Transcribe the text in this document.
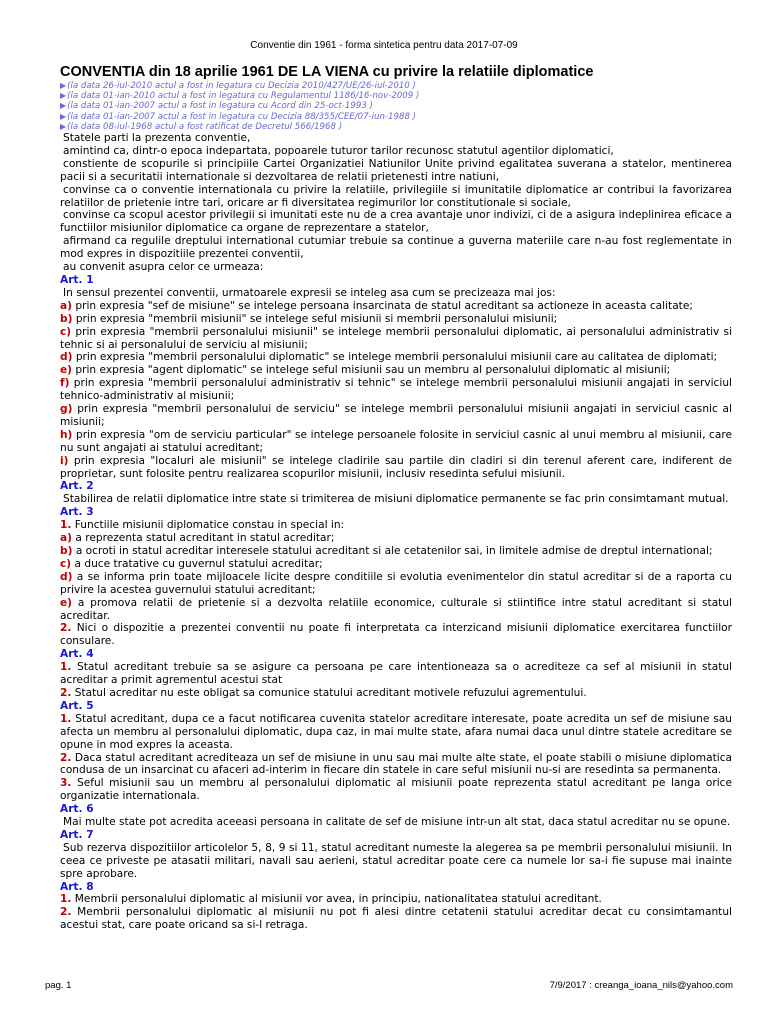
Conventie din 1961 - forma sintetica pentru data 2017-07-09
CONVENTIA din 18 aprilie 1961 DE LA VIENA cu privire la relatiile diplomatice
▶(la data 26-iul-2010 actul a fost in legatura cu Decizia 2010/427/UE/26-iul-2010 )
▶(la data 01-ian-2010 actul a fost in legatura cu Regulamentul 1186/16-nov-2009 )
▶(la data 01-ian-2007 actul a fost in legatura cu Acord din 25-oct-1993 )
▶(la data 01-ian-2007 actul a fost in legatura cu Decizia 88/355/CEE/07-iun-1988 )
▶(la data 08-iul-1968 actul a fost ratificat de Decretul 566/1968 )
Statele parti la prezenta conventie,
amintind ca, dintr-o epoca indepartata, popoarele tuturor tarilor recunosc statutul agentilor diplomatici,
constiente de scopurile si principiile Cartei Organizatiei Natiunilor Unite privind egalitatea suverana a statelor, mentinerea pacii si a securitatii internationale si dezvoltarea de relatii prietenesti intre natiuni,
convinse ca o conventie internationala cu privire la relatiile, privilegiile si imunitatile diplomatice ar contribui la favorizarea relatiilor de prietenie intre tari, oricare ar fi diversitatea regimurilor lor constitutionale si sociale,
convinse ca scopul acestor privilegii si imunitati este nu de a crea avantaje unor indivizi, ci de a asigura indeplinirea eficace a functiilor misiunilor diplomatice ca organe de reprezentare a statelor,
afirmand ca regulile dreptului international cutumiar trebuie sa continue a guverna materiile care n-au fost reglementate in mod expres in dispozitiile prezentei conventii,
au convenit asupra celor ce urmeaza:
Art. 1
In sensul prezentei conventii, urmatoarele expresii se inteleg asa cum se precizeaza mai jos:
a) prin expresia "sef de misiune" se intelege persoana insarcinata de statul acreditant sa actioneze in aceasta calitate;
b) prin expresia "membrii misiunii" se intelege seful misiunii si membrii personalului misiunii;
c) prin expresia "membrii personalului misiunii" se intelege membrii personalului diplomatic, ai personalului administrativ si tehnic si ai personalului de serviciu al misiunii;
d) prin expresia "membrii personalului diplomatic" se intelege membrii personalului misiunii care au calitatea de diplomati;
e) prin expresia "agent diplomatic" se intelege seful misiunii sau un membru al personalului diplomatic al misiunii;
f) prin expresia "membrii personalului administrativ si tehnic" se intelege membrii personalului misiunii angajati in serviciul tehnico-administrativ al misiunii;
g) prin expresia "membrii personalului de serviciu" se intelege membrii personalului misiunii angajati in serviciul casnic al misiunii;
h) prin expresia "om de serviciu particular" se intelege persoanele folosite in serviciul casnic al unui membru al misiunii, care nu sunt angajati ai statului acreditant;
i) prin expresia "localuri ale misiunii" se intelege cladirile sau partile din cladiri si din terenul aferent care, indiferent de proprietar, sunt folosite pentru realizarea scopurilor misiunii, inclusiv resedinta sefului misiunii.
Art. 2
Stabilirea de relatii diplomatice intre state si trimiterea de misiuni diplomatice permanente se fac prin consimtamant mutual.
Art. 3
1. Functiile misiunii diplomatice constau in special in:
a) a reprezenta statul acreditant in statul acreditar;
b) a ocroti in statul acreditar interesele statului acreditant si ale cetatenilor sai, in limitele admise de dreptul international;
c) a duce tratative cu guvernul statului acreditar;
d) a se informa prin toate mijloacele licite despre conditiile si evolutia evenimentelor din statul acreditar si de a raporta cu privire la acestea guvernului statului acreditant;
e) a promova relatii de prietenie si a dezvolta relatiile economice, culturale si stiintifice intre statul acreditant si statul acreditar.
2. Nici o dispozitie a prezentei conventii nu poate fi interpretata ca interzicand misiunii diplomatice exercitarea functiilor consulare.
Art. 4
1. Statul acreditant trebuie sa se asigure ca persoana pe care intentioneaza sa o acrediteze ca sef al misiunii in statul acreditar a primit agrementul acestui stat
2. Statul acreditar nu este obligat sa comunice statului acreditant motivele refuzului agrementului.
Art. 5
1. Statul acreditant, dupa ce a facut notificarea cuvenita statelor acreditare interesate, poate acredita un sef de misiune sau afecta un membru al personalului diplomatic, dupa caz, in mai multe state, afara numai daca unul dintre statele acreditare se opune in mod expres la aceasta.
2. Daca statul acreditant acrediteaza un sef de misiune in unu sau mai multe alte state, el poate stabili o misiune diplomatica condusa de un insarcinat cu afaceri ad-interim in fiecare din statele in care seful misiunii nu-si are resedinta sa permanenta.
3. Seful misiunii sau un membru al personalului diplomatic al misiunii poate reprezenta statul acreditant pe langa orice organizatie internationala.
Art. 6
Mai multe state pot acredita aceeasi persoana in calitate de sef de misiune intr-un alt stat, daca statul acreditar nu se opune.
Art. 7
Sub rezerva dispozitiilor articolelor 5, 8, 9 si 11, statul acreditant numeste la alegerea sa pe membrii personalului misiunii. In ceea ce priveste pe atasatii militari, navali sau aerieni, statul acreditar poate cere ca numele lor sa-i fie supuse mai inainte spre aprobare.
Art. 8
1. Membrii personalului diplomatic al misiunii vor avea, in principiu, nationalitatea statului acreditant.
2. Membrii personalului diplomatic al misiunii nu pot fi alesi dintre cetatenii statului acreditar decat cu consimtamantul acestui stat, care poate oricand sa si-l retraga.
pag. 1	7/9/2017 : creanga_ioana_nils@yahoo.com
